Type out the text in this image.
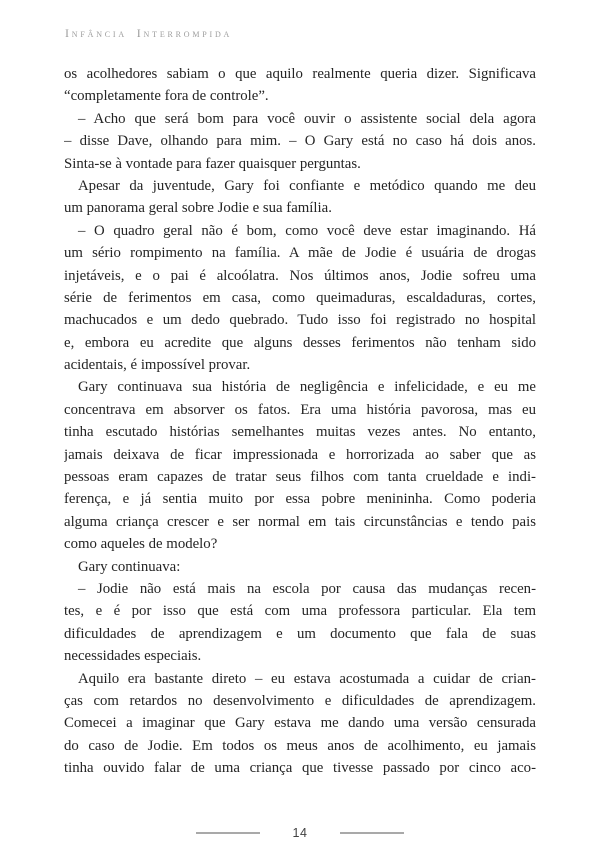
Infância Interrompida
os acolhedores sabiam o que aquilo realmente queria dizer. Significava
“completamente fora de controle”.
– Acho que será bom para você ouvir o assistente social dela agora
– disse Dave, olhando para mim. – O Gary está no caso há dois anos.
Sinta-se à vontade para fazer quaisquer perguntas.
Apesar da juventude, Gary foi confiante e metódico quando me deu
um panorama geral sobre Jodie e sua família.
– O quadro geral não é bom, como você deve estar imaginando. Há
um sério rompimento na família. A mãe de Jodie é usuária de drogas
injetáveis, e o pai é alcoólatra. Nos últimos anos, Jodie sofreu uma
série de ferimentos em casa, como queimaduras, escaldaduras, cortes,
machucados e um dedo quebrado. Tudo isso foi registrado no hospital
e, embora eu acredite que alguns desses ferimentos não tenham sido
acidentais, é impossível provar.
Gary continuava sua história de negligência e infelicidade, e eu me
concentrava em absorver os fatos. Era uma história pavorosa, mas eu
tinha escutado histórias semelhantes muitas vezes antes. No entanto,
jamais deixava de ficar impressionada e horrorizada ao saber que as
pessoas eram capazes de tratar seus filhos com tanta crueldade e indi-
ferença, e já sentia muito por essa pobre menininha. Como poderia
alguma criança crescer e ser normal em tais circunstâncias e tendo pais
como aqueles de modelo?
Gary continuava:
– Jodie não está mais na escola por causa das mudanças recen-
tes, e é por isso que está com uma professora particular. Ela tem
dificuldades de aprendizagem e um documento que fala de suas
necessidades especiais.
Aquilo era bastante direto – eu estava acostumada a cuidar de crian-
ças com retardos no desenvolvimento e dificuldades de aprendizagem.
Comecei a imaginar que Gary estava me dando uma versão censurada
do caso de Jodie. Em todos os meus anos de acolhimento, eu jamais
tinha ouvido falar de uma criança que tivesse passado por cinco aco-
14
